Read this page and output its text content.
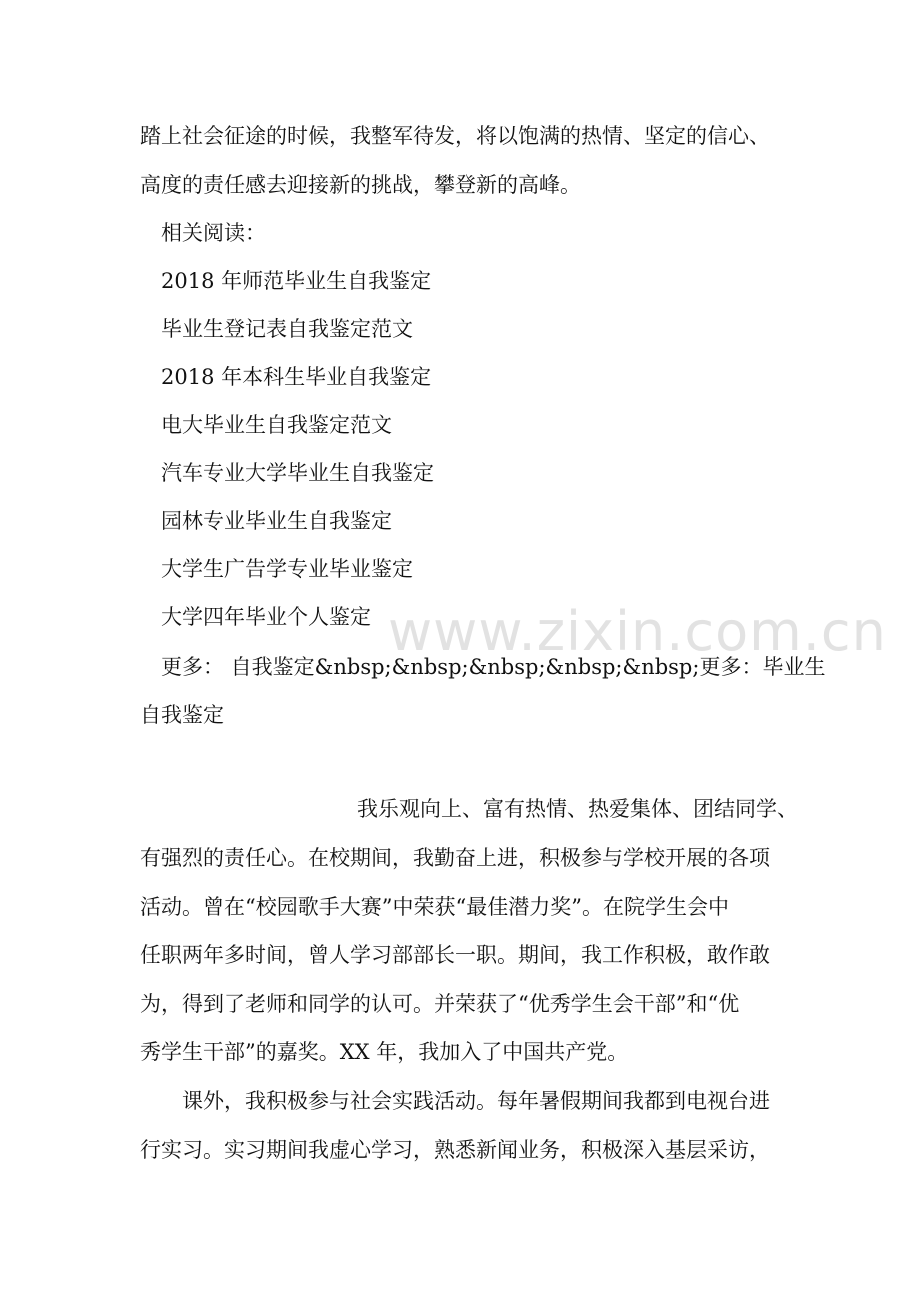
踏上社会征途的时候，我整军待发，将以饱满的热情、坚定的信心、

高度的责任感去迎接新的挑战，攀登新的高峰。

相关阅读：

2018 年师范毕业生自我鉴定

毕业生登记表自我鉴定范文

2018 年本科生毕业自我鉴定

电大毕业生自我鉴定范文

汽车专业大学毕业生自我鉴定

园林专业毕业生自我鉴定

大学生广告学专业毕业鉴定

大学四年毕业个人鉴定

更多： 自我鉴定&nbsp;&nbsp;&nbsp;&nbsp;&nbsp;更多：毕业生

自我鉴定

我乐观向上、富有热情、热爱集体、团结同学、

有强烈的责任心。在校期间，我勤奋上进，积极参与学校开展的各项

活动。曾在“校园歌手大赛”中荣获“最佳潜力奖”。在院学生会中

任职两年多时间，曾人学习部部长一职。期间，我工作积极，敢作敢

为，得到了老师和同学的认可。并荣获了“优秀学生会干部”和“优

秀学生干部”的嘉奖。XX 年，我加入了中国共产党。

课外，我积极参与社会实践活动。每年暑假期间我都到电视台进

行实习。实习期间我虚心学习，熟悉新闻业务，积极深入基层采访，

www.zixin.com.cn
